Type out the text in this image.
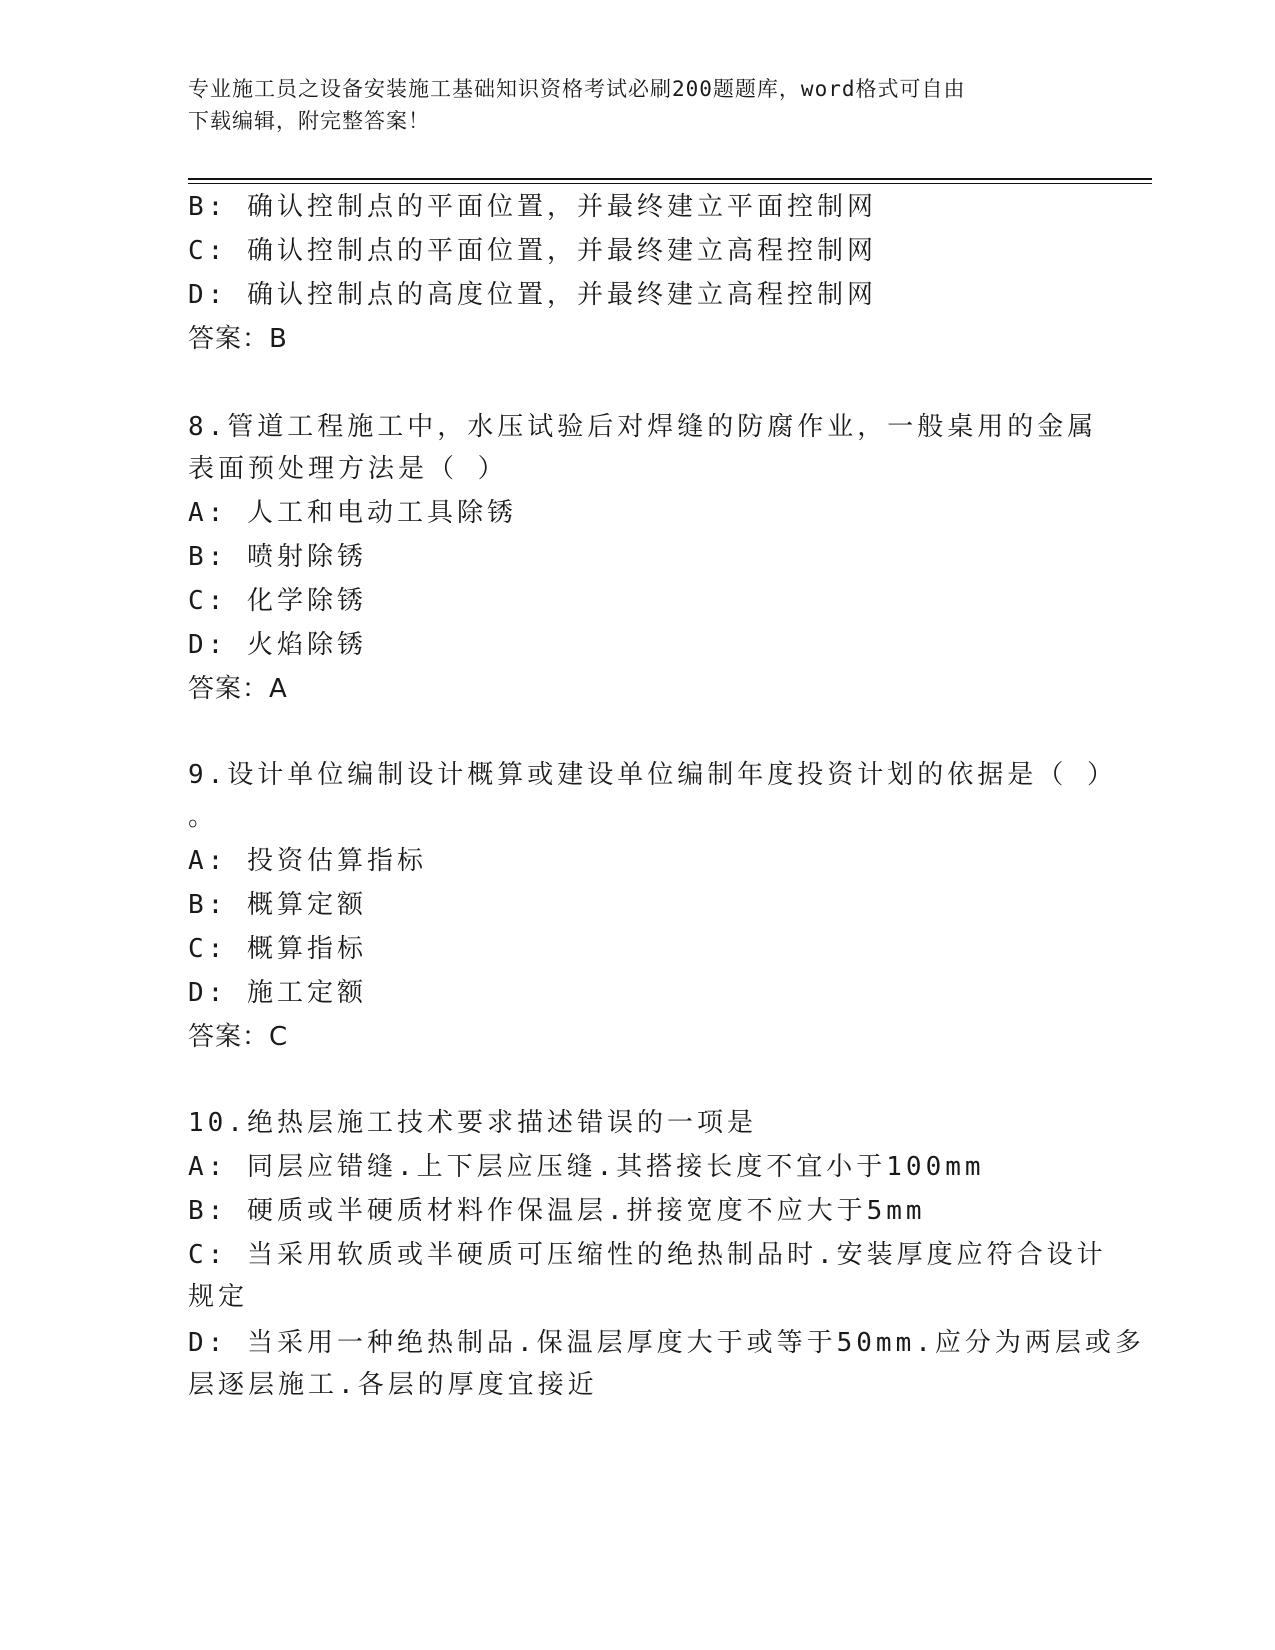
专业施工员之设备安装施工基础知识资格考试必刷200题题库，word格式可自由
下载编辑，附完整答案！
B: 确认控制点的平面位置，并最终建立平面控制网
C: 确认控制点的平面位置，并最终建立高程控制网
D: 确认控制点的高度位置，并最终建立高程控制网
答案：B
8.管道工程施工中，水压试验后对焊缝的防腐作业，一般桌用的金属
表面预处理方法是（ ）
A: 人工和电动工具除锈
B: 喷射除锈
C: 化学除锈
D: 火焰除锈
答案：A
9.设计单位编制设计概算或建设单位编制年度投资计划的依据是（ ）
。
A: 投资估算指标
B: 概算定额
C: 概算指标
D: 施工定额
答案：C
10.绝热层施工技术要求描述错误的一项是
A: 同层应错缝.上下层应压缝.其搭接长度不宜小于100mm
B: 硬质或半硬质材料作保温层.拼接宽度不应大于5mm
C: 当采用软质或半硬质可压缩性的绝热制品时.安装厚度应符合设计
规定
D: 当采用一种绝热制品.保温层厚度大于或等于50mm.应分为两层或多
层逐层施工.各层的厚度宜接近
